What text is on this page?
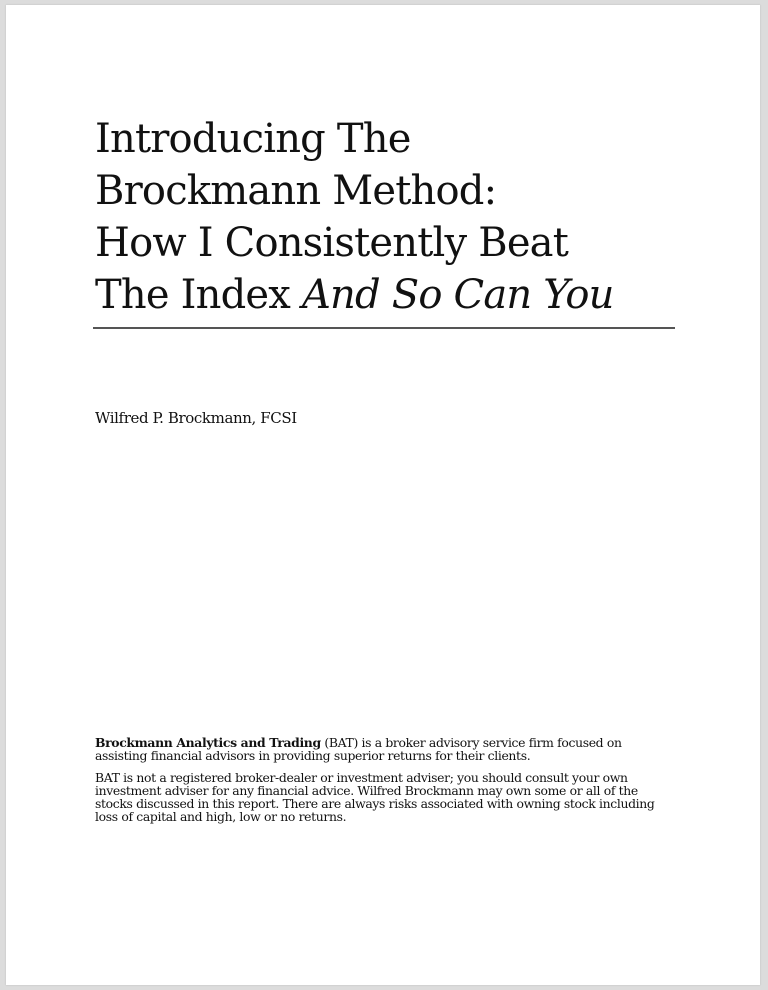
Introducing The
Brockmann Method:
How I Consistently Beat
The Index And So Can You
Wilfred P. Brockmann, FCSI

Brockmann Analytics and Trading (BAT) is a broker advisory service firm focused on assisting financial advisors in providing superior returns for their clients.

BAT is not a registered broker-dealer or investment adviser; you should consult your own investment adviser for any financial advice. Wilfred Brockmann may own some or all of the stocks discussed in this report. There are always risks associated with owning stock including loss of capital and high, low or no returns.
